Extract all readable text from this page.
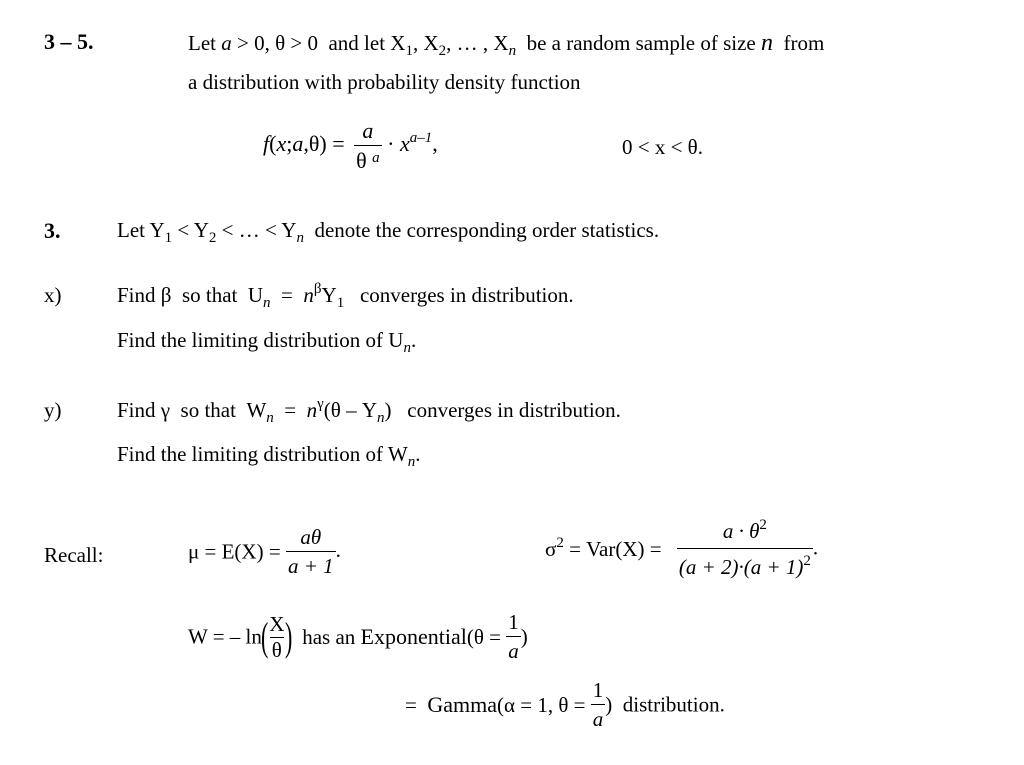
3 – 5.	Let a > 0, θ > 0 and let $X_1$, $X_2$, … , $X_n$ be a random sample of size n from
a distribution with probability density function
f(x;a,θ) = $\frac{a}{\theta ^a} \cdot x^{a-1}$,	0 < x < θ.
3.	Let $Y_1 < Y_2$ < … < $Y_n$ denote the corresponding order statistics.
x)	Find β so that  $U_n = n^\beta Y_1$ converges in distribution.
Find the limiting distribution of $U_n$.
y)	Find γ so that  $W_n = n^\gamma(\theta - Y_n)$   converges in distribution.
Find the limiting distribution of $W_n$.
Recall:	$\mu = E(X) = \frac{a\theta}{a + 1}$ .	$\sigma^2 = Var(X) = \frac{a \cdot \theta^2}{(a + 2)\cdot(a + 1)^2}$ .
W = – ln(
$\frac{X}{\theta}$
) has an Exponential(θ = $\frac{1}{a}$ )
= Gamma(α = 1, $\theta = \frac{1}{a}$ )  distribution.
